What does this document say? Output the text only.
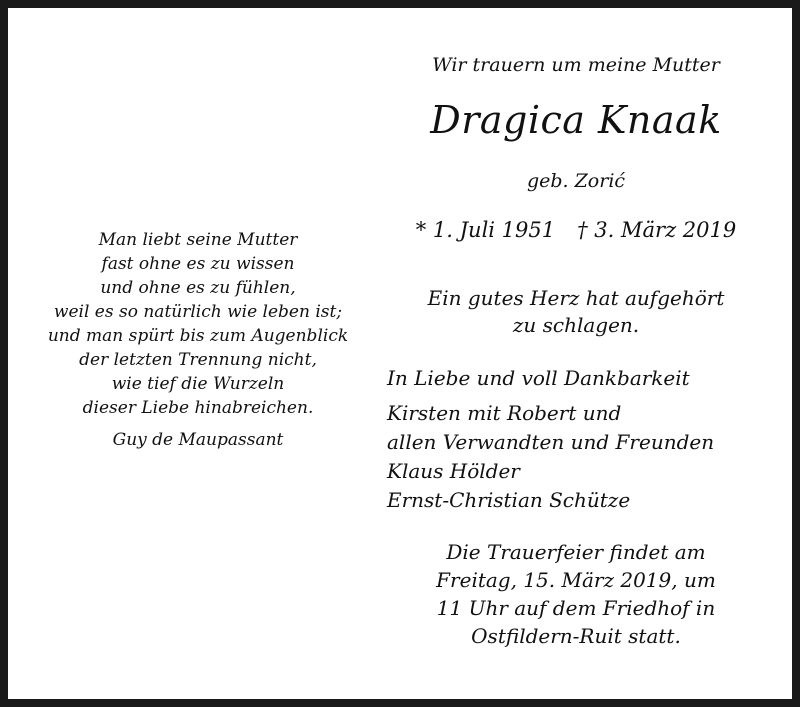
Man liebt seine Mutter
fast ohne es zu wissen
und ohne es zu fühlen,
weil es so natürlich wie leben ist;
und man spürt bis zum Augenblick
der letzten Trennung nicht,
wie tief die Wurzeln
dieser Liebe hinabreichen.
Guy de Maupassant
Wir trauern um meine Mutter
Dragica Knaak
geb. Zorić
* 1. Juli 1951 † 3. März 2019
Ein gutes Herz hat aufgehört
zu schlagen.
In Liebe und voll Dankbarkeit
Kirsten mit Robert und
allen Verwandten und Freunden
Klaus Hölder
Ernst-Christian Schütze
Die Trauerfeier findet am
Freitag, 15. März 2019, um
11 Uhr auf dem Friedhof in
Ostfildern-Ruit statt.
